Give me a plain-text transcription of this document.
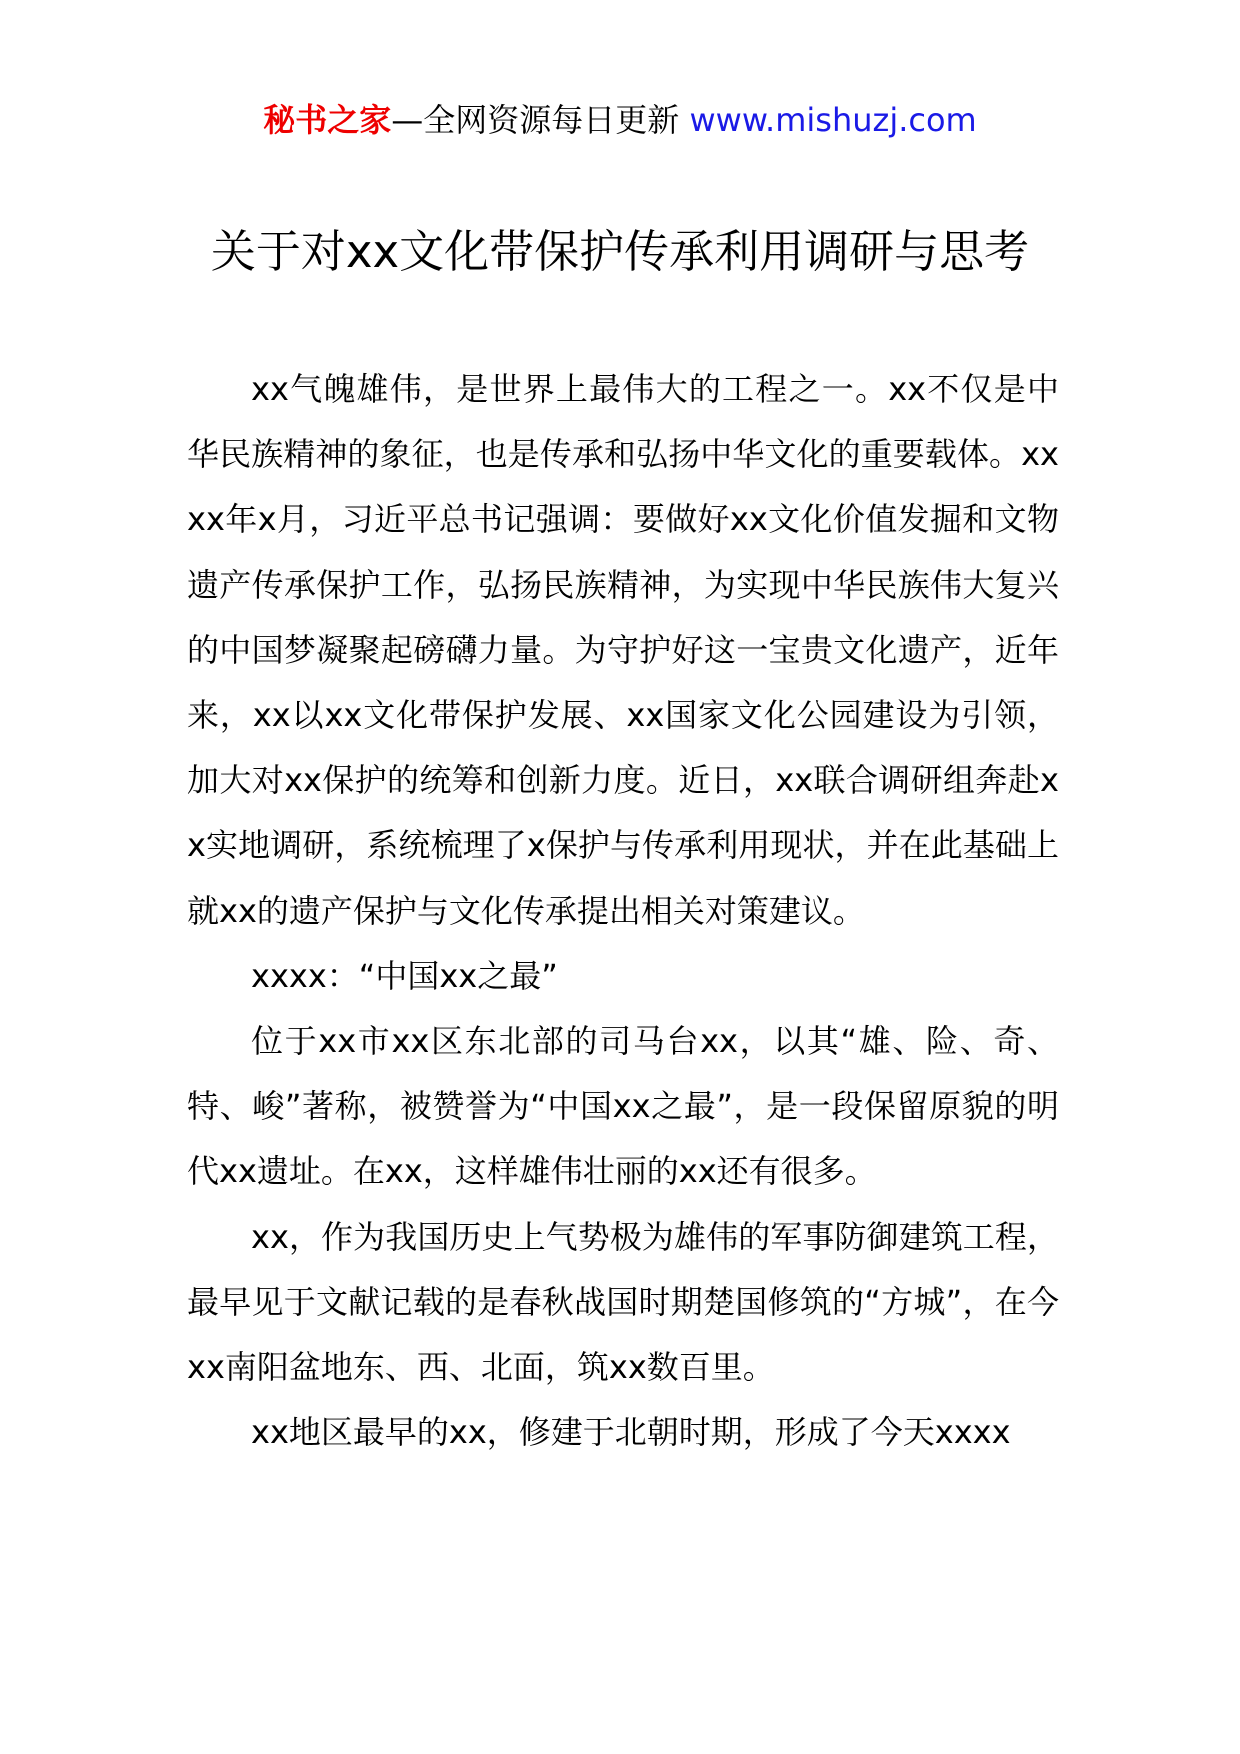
秘书之家—全网资源每日更新 www.mishuzj.com
关于对xx文化带保护传承利用调研与思考

xx气魄雄伟，是世界上最伟大的工程之一。xx不仅是中华民族精神的象征，也是传承和弘扬中华文化的重要载体。xxxx年x月，习近平总书记强调：要做好xx文化价值发掘和文物遗产传承保护工作，弘扬民族精神，为实现中华民族伟大复兴的中国梦凝聚起磅礴力量。为守护好这一宝贵文化遗产，近年来，xx以xx文化带保护发展、xx国家文化公园建设为引领，加大对xx保护的统筹和创新力度。近日，xx联合调研组奔赴xx实地调研，系统梳理了x保护与传承利用现状，并在此基础上就xx的遗产保护与文化传承提出相关对策建议。

xxxx：“中国xx之最”

位于xx市xx区东北部的司马台xx，以其“雄、险、奇、特、峻”著称，被赞誉为“中国xx之最”，是一段保留原貌的明代xx遗址。在xx，这样雄伟壮丽的xx还有很多。

xx，作为我国历史上气势极为雄伟的军事防御建筑工程，最早见于文献记载的是春秋战国时期楚国修筑的“方城”，在今xx南阳盆地东、西、北面，筑xx数百里。

xx地区最早的xx，修建于北朝时期，形成了今天xxxx
